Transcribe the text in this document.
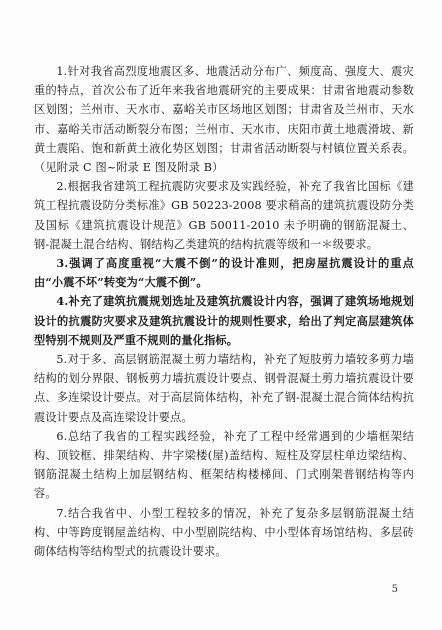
1.针对我省高烈度地震区多、地震活动分布广、频度高、强度大、震灾重的特点，首次公布了近年来我省地震研究的主要成果：甘肃省地震动参数区划图；兰州市、天水市、嘉峪关市区场地区划图；甘肃省及兰州市、天水市、嘉峪关市活动断裂分布图；兰州市、天水市、庆阳市黄土地震滑坡、新黄土震陷、饱和新黄土液化势区划图；甘肃省活动断裂与村镇位置关系表。（见附录 C 图~附录 E 图及附录 B）

2.根据我省建筑工程抗震防灾要求及实践经验，补充了我省比国标《建筑工程抗震设防分类标准》GB 50223-2008 要求稍高的建筑抗震设防分类及国标《建筑抗震设计规范》GB 50011-2010 未予明确的钢筋混凝土、钢-混凝土混合结构、钢结构乙类建筑的结构抗震等级和一＊级要求。

3.强调了高度重视“大震不倒”的设计准则，把房屋抗震设计的重点由“小震不坏”转变为“大震不倒”。

4.补充了建筑抗震规划选址及建筑抗震设计内容，强调了建筑场地规划设计的抗震防灾要求及建筑抗震设计的规则性要求，给出了判定高层建筑体型特别不规则及严重不规则的量化指标。

5.对于多、高层钢筋混凝土剪力墙结构，补充了短肢剪力墙较多剪力墙结构的划分界限、钢板剪力墙抗震设计要点、钢骨混凝土剪力墙抗震设计要点、多连梁设计要点。对于高层筒体结构，补充了钢-混凝土混合筒体结构抗震设计要点及高连梁设计要点。

6.总结了我省的工程实践经验，补充了工程中经常遇到的少墙框架结构、顶铰框、排架结构、井字梁楼(屋)盖结构、短柱及穿层柱单边梁结构、钢筋混凝土结构上加层钢结构、框架结构楼梯间、门式刚架普钢结构等内容。

7.结合我省中、小型工程较多的情况，补充了复杂多层钢筋混凝土结构、中等跨度钢屋盖结构、中小型剧院结构、中小型体育场馆结构、多层砖砌体结构等结构型式的抗震设计要求。

5
